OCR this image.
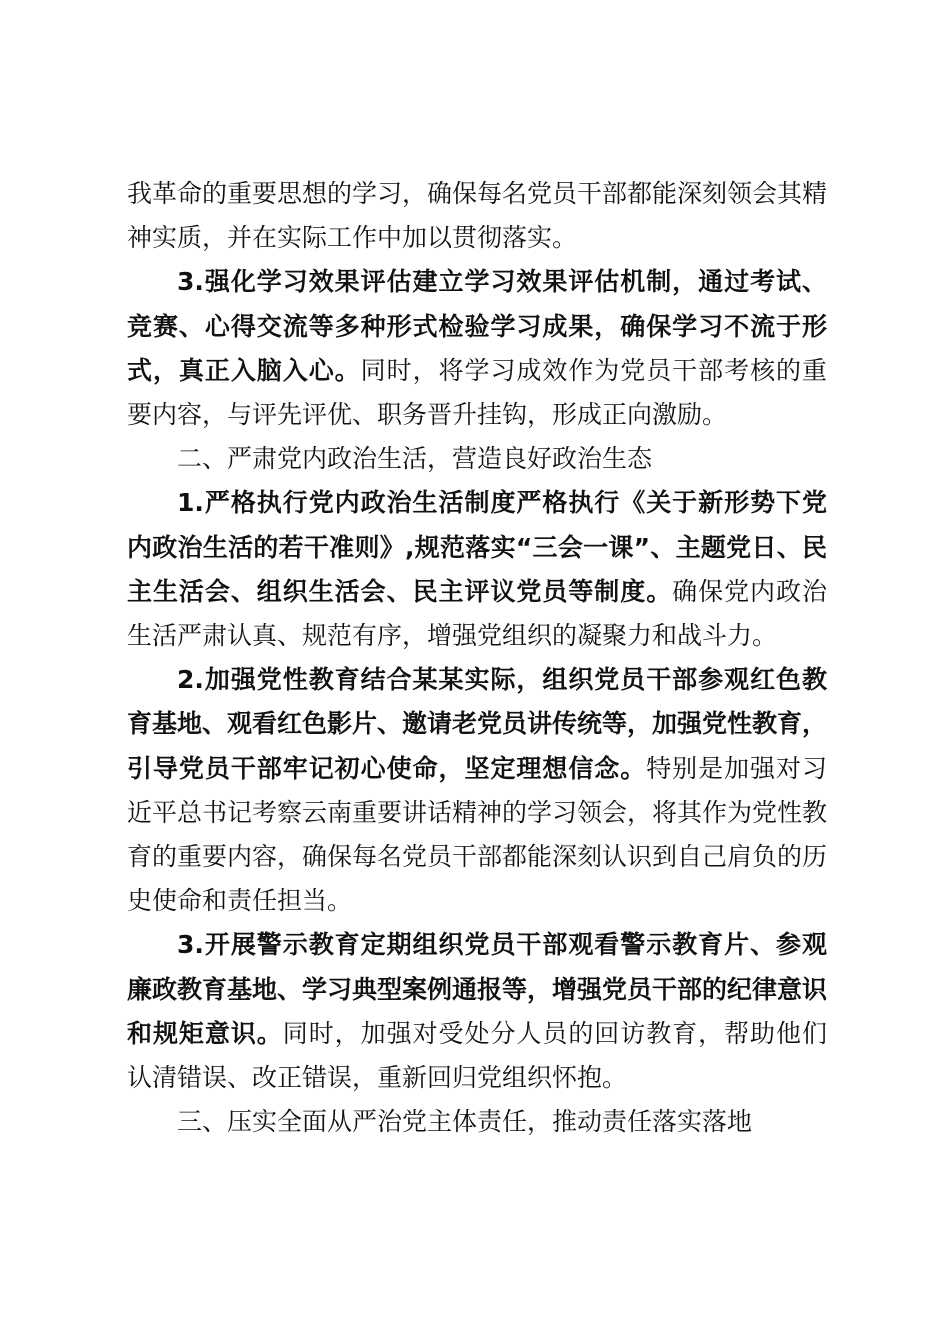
我革命的重要思想的学习，确保每名党员干部都能深刻领会其精神实质，并在实际工作中加以贯彻落实。

3.强化学习效果评估建立学习效果评估机制，通过考试、竞赛、心得交流等多种形式检验学习成果，确保学习不流于形式，真正入脑入心。同时，将学习成效作为党员干部考核的重要内容，与评先评优、职务晋升挂钩，形成正向激励。

二、严肃党内政治生活，营造良好政治生态

1.严格执行党内政治生活制度严格执行《关于新形势下党内政治生活的若干准则》,规范落实“三会一课”、主题党日、民主生活会、组织生活会、民主评议党员等制度。确保党内政治生活严肃认真、规范有序，增强党组织的凝聚力和战斗力。

2.加强党性教育结合某某实际，组织党员干部参观红色教育基地、观看红色影片、邀请老党员讲传统等，加强党性教育，引导党员干部牢记初心使命，坚定理想信念。特别是加强对习近平总书记考察云南重要讲话精神的学习领会，将其作为党性教育的重要内容，确保每名党员干部都能深刻认识到自己肩负的历史使命和责任担当。

3.开展警示教育定期组织党员干部观看警示教育片、参观廉政教育基地、学习典型案例通报等，增强党员干部的纪律意识和规矩意识。同时，加强对受处分人员的回访教育，帮助他们认清错误、改正错误，重新回归党组织怀抱。

三、压实全面从严治党主体责任，推动责任落实落地
